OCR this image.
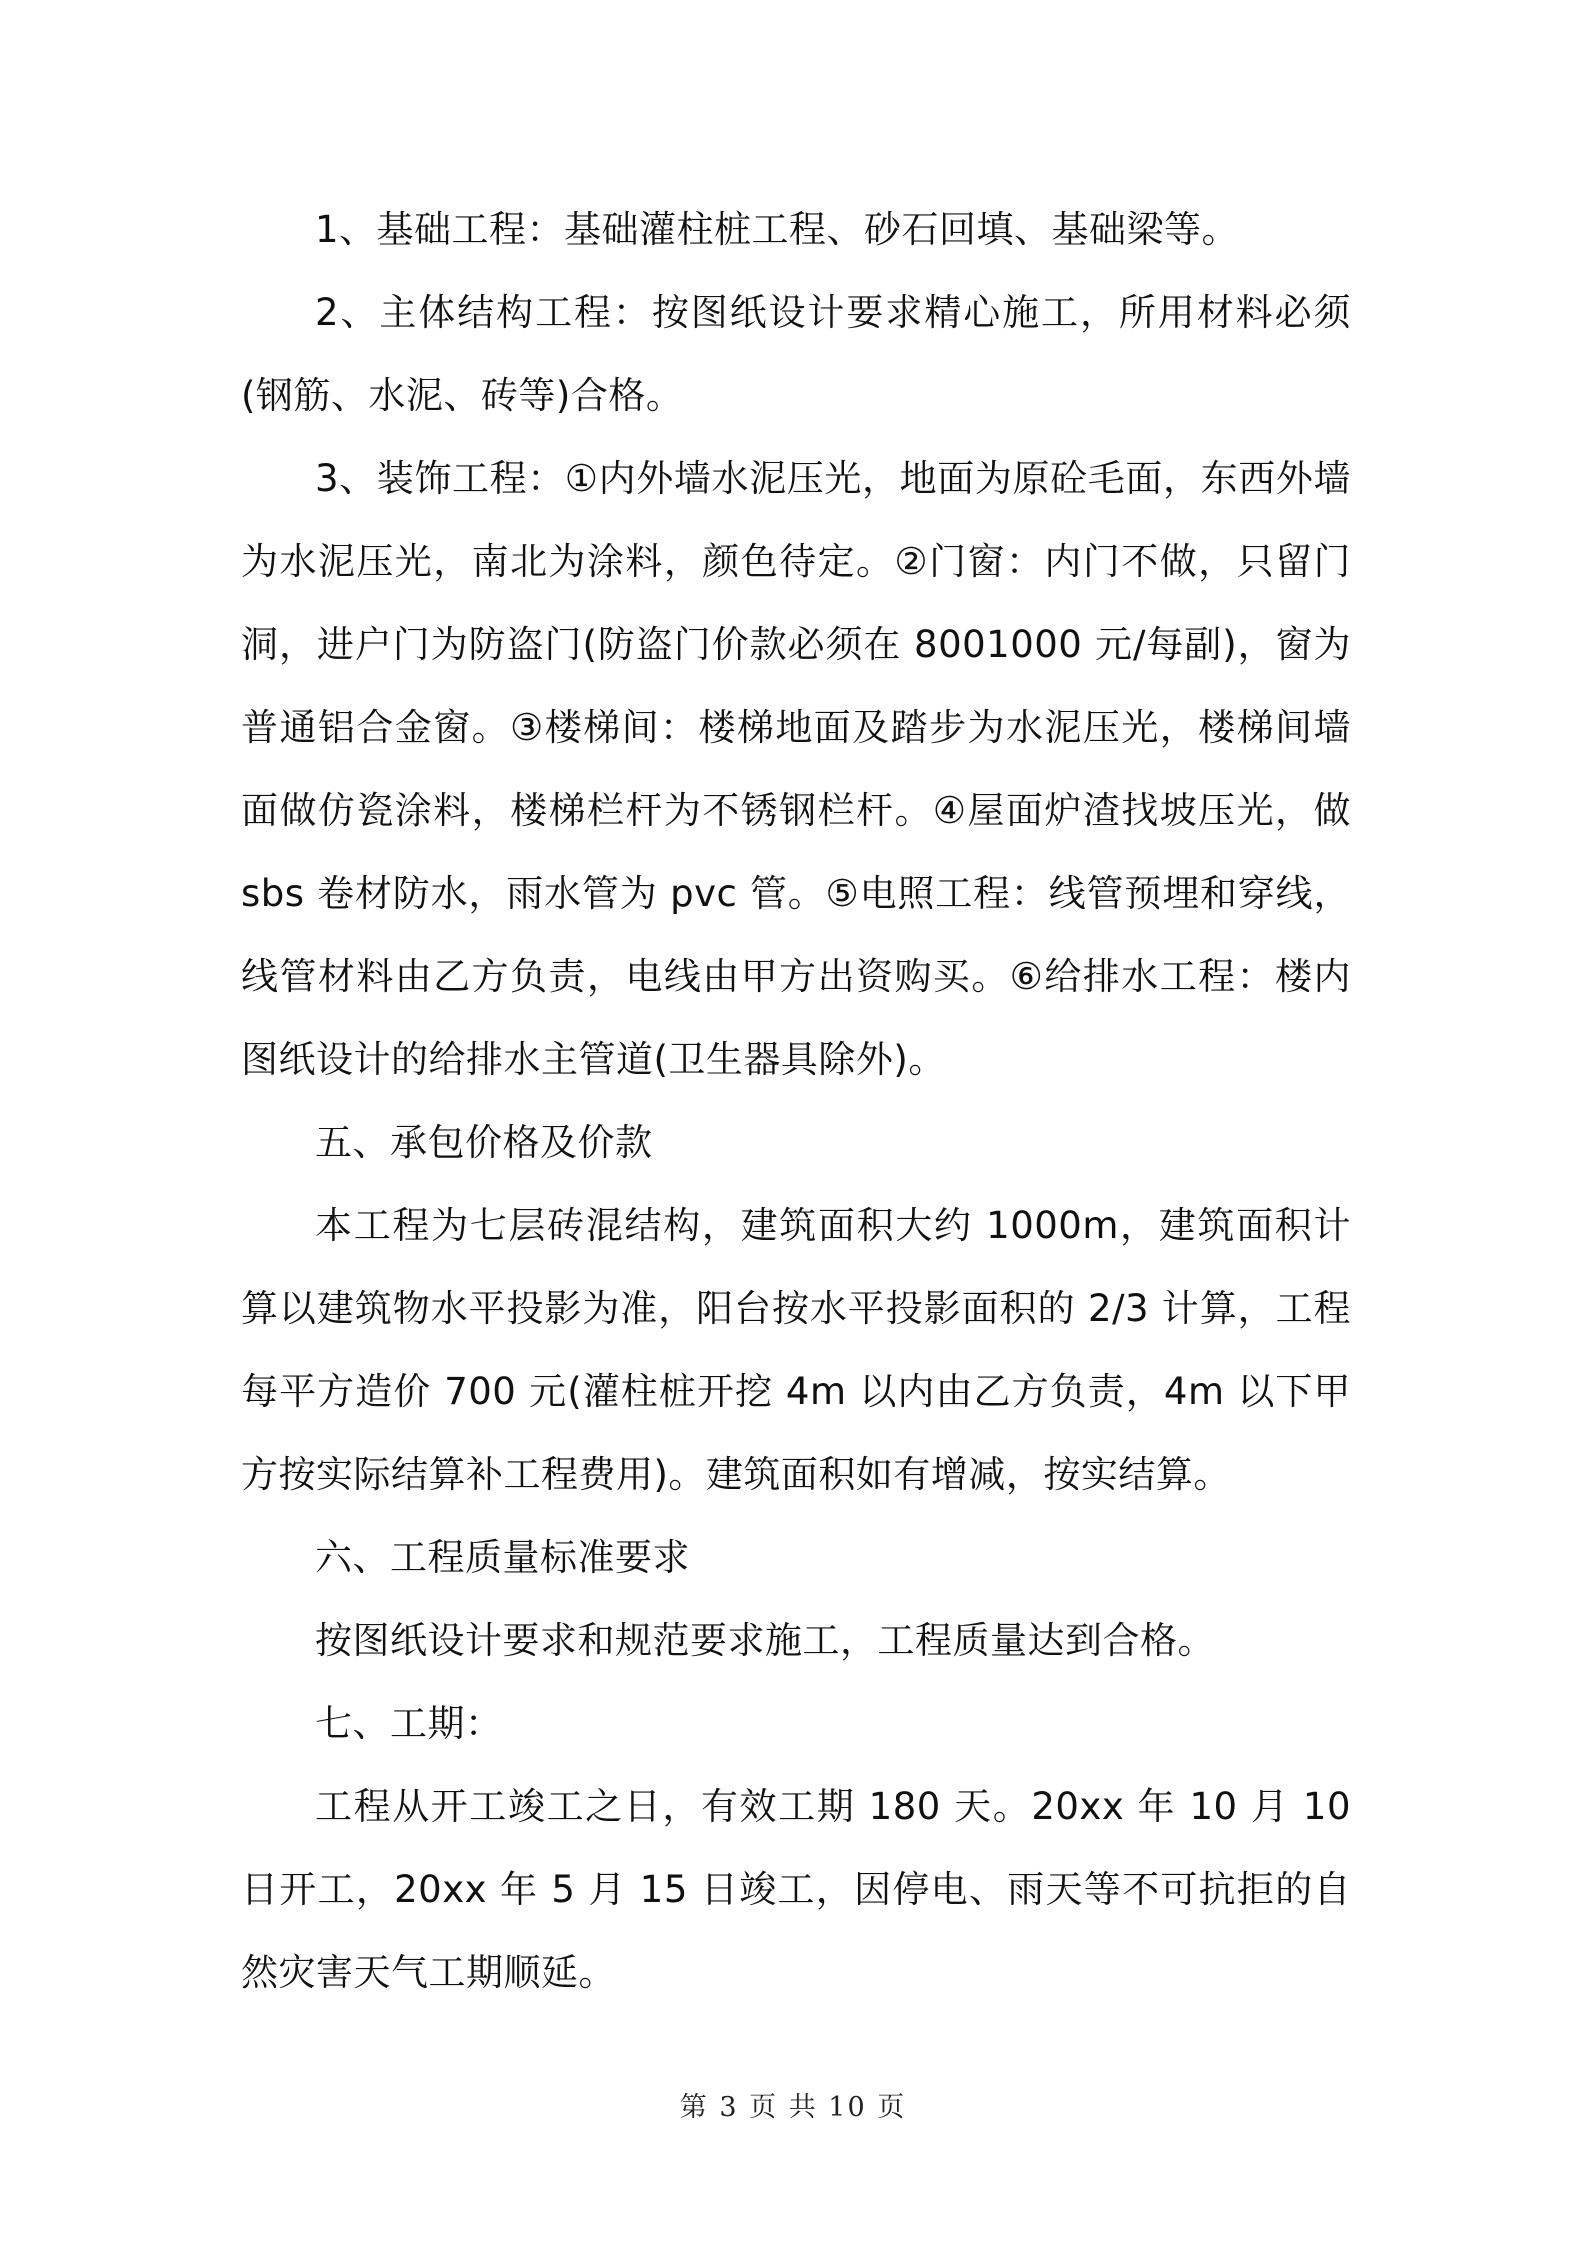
1、基础工程：基础灌柱桩工程、砂石回填、基础梁等。

2、主体结构工程：按图纸设计要求精心施工，所用材料必须(钢筋、水泥、砖等)合格。

3、装饰工程：①内外墙水泥压光，地面为原砼毛面，东西外墙为水泥压光，南北为涂料，颜色待定。②门窗：内门不做，只留门洞，进户门为防盗门(防盗门价款必须在 8001000 元/每副)，窗为普通铝合金窗。③楼梯间：楼梯地面及踏步为水泥压光，楼梯间墙面做仿瓷涂料，楼梯栏杆为不锈钢栏杆。④屋面炉渣找坡压光，做 sbs 卷材防水，雨水管为 pvc 管。⑤电照工程：线管预埋和穿线，线管材料由乙方负责，电线由甲方出资购买。⑥给排水工程：楼内图纸设计的给排水主管道(卫生器具除外)。

五、承包价格及价款

本工程为七层砖混结构，建筑面积大约 1000m，建筑面积计算以建筑物水平投影为准，阳台按水平投影面积的 2/3 计算，工程每平方造价 700 元(灌柱桩开挖 4m 以内由乙方负责，4m 以下甲方按实际结算补工程费用)。建筑面积如有增减，按实结算。

六、工程质量标准要求

按图纸设计要求和规范要求施工，工程质量达到合格。

七、工期：

工程从开工竣工之日，有效工期 180 天。20xx 年 10 月 10 日开工，20xx 年 5 月 15 日竣工，因停电、雨天等不可抗拒的自然灾害天气工期顺延。

第 3 页 共 10 页
